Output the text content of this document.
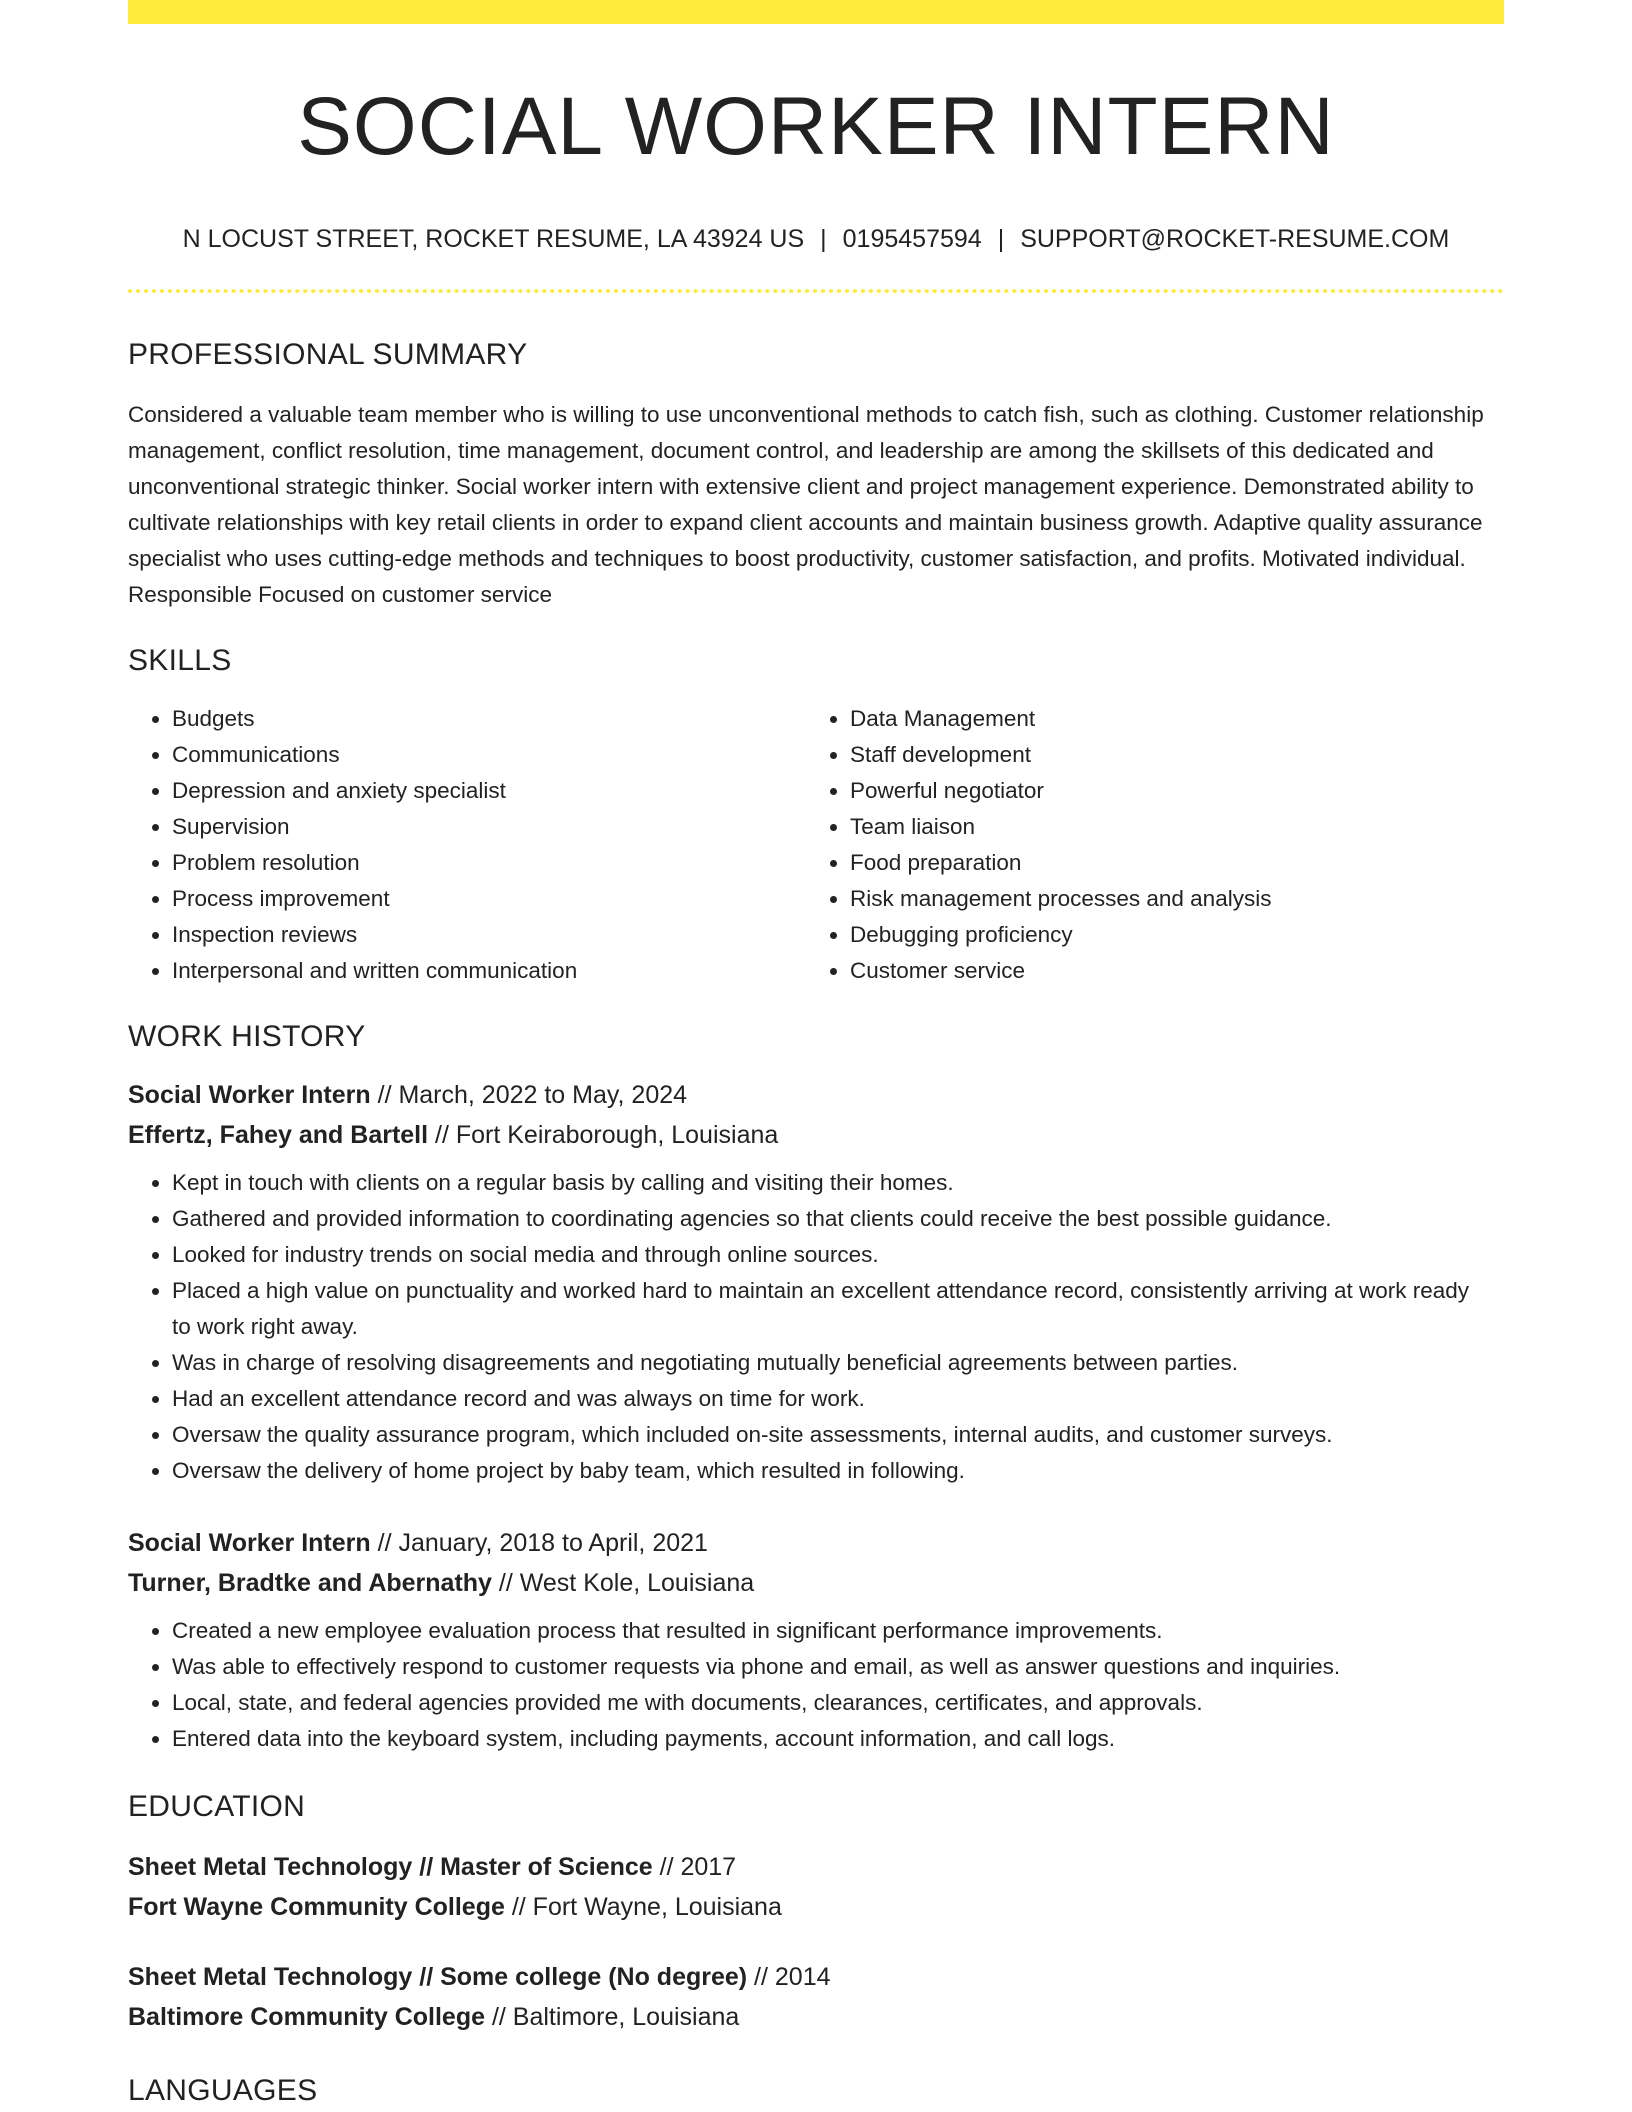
SOCIAL WORKER INTERN
N LOCUST STREET, ROCKET RESUME, LA 43924 US | 0195457594 | SUPPORT@ROCKET-RESUME.COM
PROFESSIONAL SUMMARY
Considered a valuable team member who is willing to use unconventional methods to catch fish, such as clothing. Customer relationship management, conflict resolution, time management, document control, and leadership are among the skillsets of this dedicated and unconventional strategic thinker. Social worker intern with extensive client and project management experience. Demonstrated ability to cultivate relationships with key retail clients in order to expand client accounts and maintain business growth. Adaptive quality assurance specialist who uses cutting-edge methods and techniques to boost productivity, customer satisfaction, and profits. Motivated individual. Responsible Focused on customer service
SKILLS
• Budgets
• Communications
• Depression and anxiety specialist
• Supervision
• Problem resolution
• Process improvement
• Inspection reviews
• Interpersonal and written communication
• Data Management
• Staff development
• Powerful negotiator
• Team liaison
• Food preparation
• Risk management processes and analysis
• Debugging proficiency
• Customer service
WORK HISTORY
Social Worker Intern // March, 2022 to May, 2024
Effertz, Fahey and Bartell // Fort Keiraborough, Louisiana
• Kept in touch with clients on a regular basis by calling and visiting their homes.
• Gathered and provided information to coordinating agencies so that clients could receive the best possible guidance.
• Looked for industry trends on social media and through online sources.
• Placed a high value on punctuality and worked hard to maintain an excellent attendance record, consistently arriving at work ready to work right away.
• Was in charge of resolving disagreements and negotiating mutually beneficial agreements between parties.
• Had an excellent attendance record and was always on time for work.
• Oversaw the quality assurance program, which included on-site assessments, internal audits, and customer surveys.
• Oversaw the delivery of home project by baby team, which resulted in following.
Social Worker Intern // January, 2018 to April, 2021
Turner, Bradtke and Abernathy // West Kole, Louisiana
• Created a new employee evaluation process that resulted in significant performance improvements.
• Was able to effectively respond to customer requests via phone and email, as well as answer questions and inquiries.
• Local, state, and federal agencies provided me with documents, clearances, certificates, and approvals.
• Entered data into the keyboard system, including payments, account information, and call logs.
EDUCATION
Sheet Metal Technology // Master of Science // 2017
Fort Wayne Community College // Fort Wayne, Louisiana
Sheet Metal Technology // Some college (No degree) // 2014
Baltimore Community College // Baltimore, Louisiana
LANGUAGES
